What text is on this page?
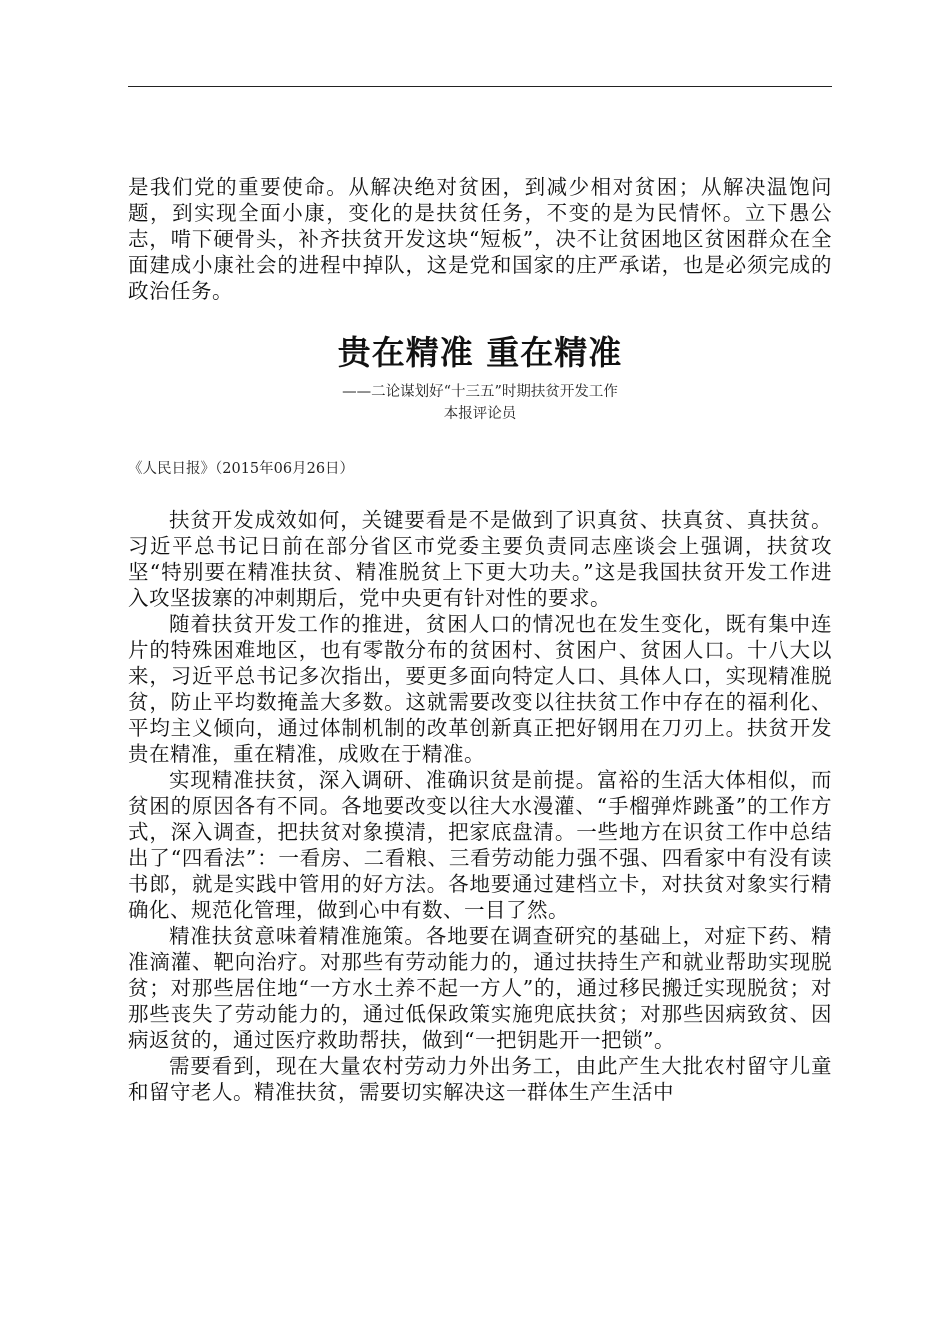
是我们党的重要使命。从解决绝对贫困，到减少相对贫困；从解决温饱问题，到实现全面小康，变化的是扶贫任务，不变的是为民情怀。立下愚公志，啃下硬骨头，补齐扶贫开发这块“短板”，决不让贫困地区贫困群众在全面建成小康社会的进程中掉队，这是党和国家的庄严承诺，也是必须完成的政治任务。

贵在精准 重在精准
——二论谋划好“十三五”时期扶贫开发工作
本报评论员
《人民日报》（2015年06月26日）

扶贫开发成效如何，关键要看是不是做到了识真贫、扶真贫、真扶贫。习近平总书记日前在部分省区市党委主要负责同志座谈会上强调，扶贫攻坚“特别要在精准扶贫、精准脱贫上下更大功夫。”这是我国扶贫开发工作进入攻坚拔寨的冲刺期后，党中央更有针对性的要求。

随着扶贫开发工作的推进，贫困人口的情况也在发生变化，既有集中连片的特殊困难地区，也有零散分布的贫困村、贫困户、贫困人口。十八大以来，习近平总书记多次指出，要更多面向特定人口、具体人口，实现精准脱贫，防止平均数掩盖大多数。这就需要改变以往扶贫工作中存在的福利化、平均主义倾向，通过体制机制的改革创新真正把好钢用在刀刃上。扶贫开发贵在精准，重在精准，成败在于精准。

实现精准扶贫，深入调研、准确识贫是前提。富裕的生活大体相似，而贫困的原因各有不同。各地要改变以往大水漫灌、“手榴弹炸跳蚤”的工作方式，深入调查，把扶贫对象摸清，把家底盘清。一些地方在识贫工作中总结出了“四看法”：一看房、二看粮、三看劳动能力强不强、四看家中有没有读书郎，就是实践中管用的好方法。各地要通过建档立卡，对扶贫对象实行精确化、规范化管理，做到心中有数、一目了然。

精准扶贫意味着精准施策。各地要在调查研究的基础上，对症下药、精准滴灌、靶向治疗。对那些有劳动能力的，通过扶持生产和就业帮助实现脱贫；对那些居住地“一方水土养不起一方人”的，通过移民搬迁实现脱贫；对那些丧失了劳动能力的，通过低保政策实施兜底扶贫；对那些因病致贫、因病返贫的，通过医疗救助帮扶，做到“一把钥匙开一把锁”。

需要看到，现在大量农村劳动力外出务工，由此产生大批农村留守儿童和留守老人。精准扶贫，需要切实解决这一群体生产生活中
